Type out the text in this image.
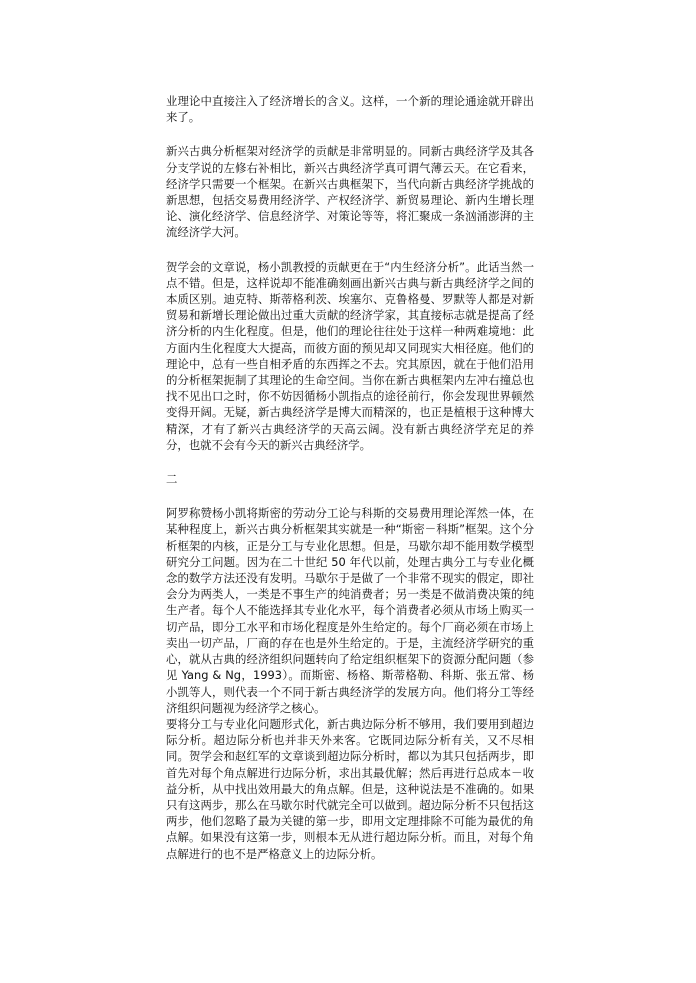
业理论中直接注入了经济增长的含义。这样，一个新的理论通途就开辟出来了。

新兴古典分析框架对经济学的贡献是非常明显的。同新古典经济学及其各分支学说的左修右补相比，新兴古典经济学真可谓气薄云天。在它看来，经济学只需要一个框架。在新兴古典框架下，当代向新古典经济学挑战的新思想，包括交易费用经济学、产权经济学、新贸易理论、新内生增长理论、演化经济学、信息经济学、对策论等等，将汇聚成一条汹涌澎湃的主流经济学大河。

贺学会的文章说，杨小凯教授的贡献更在于“内生经济分析”。此话当然一点不错。但是，这样说却不能准确刻画出新兴古典与新古典经济学之间的本质区别。迪克特、斯蒂格利茨、埃塞尔、克鲁格曼、罗默等人都是对新贸易和新增长理论做出过重大贡献的经济学家，其直接标志就是提高了经济分析的内生化程度。但是，他们的理论往往处于这样一种两难境地：此方面内生化程度大大提高，而彼方面的预见却又同现实大相径庭。他们的理论中，总有一些自相矛盾的东西挥之不去。究其原因，就在于他们沿用的分析框架扼制了其理论的生命空间。当你在新古典框架内左冲右撞总也找不见出口之时，你不妨因循杨小凯指点的途径前行，你会发现世界顿然变得开阔。无疑，新古典经济学是博大而精深的，也正是植根于这种博大精深，才有了新兴古典经济学的天高云阔。没有新古典经济学充足的养分，也就不会有今天的新兴古典经济学。

二

阿罗称赞杨小凯将斯密的劳动分工论与科斯的交易费用理论浑然一体，在某种程度上，新兴古典分析框架其实就是一种“斯密－科斯”框架。这个分析框架的内核，正是分工与专业化思想。但是，马歇尔却不能用数学模型研究分工问题。因为在二十世纪 50 年代以前，处理古典分工与专业化概念的数学方法还没有发明。马歇尔于是做了一个非常不现实的假定，即社会分为两类人，一类是不事生产的纯消费者；另一类是不做消费决策的纯生产者。每个人不能选择其专业化水平，每个消费者必须从市场上购买一切产品，即分工水平和市场化程度是外生给定的。每个厂商必须在市场上卖出一切产品，厂商的存在也是外生给定的。于是，主流经济学研究的重心，就从古典的经济组织问题转向了给定组织框架下的资源分配问题（参见 Yang & Ng，1993）。而斯密、杨格、斯蒂格勒、科斯、张五常、杨小凯等人，则代表一个不同于新古典经济学的发展方向。他们将分工等经济组织问题视为经济学之核心。

要将分工与专业化问题形式化，新古典边际分析不够用，我们要用到超边际分析。超边际分析也并非天外来客。它既同边际分析有关，又不尽相同。贺学会和赵红军的文章谈到超边际分析时，都以为其只包括两步，即首先对每个角点解进行边际分析，求出其最优解；然后再进行总成本－收益分析，从中找出效用最大的角点解。但是，这种说法是不准确的。如果只有这两步，那么在马歇尔时代就完全可以做到。超边际分析不只包括这两步，他们忽略了最为关键的第一步，即用文定理排除不可能为最优的角点解。如果没有这第一步，则根本无从进行超边际分析。而且，对每个角点解进行的也不是严格意义上的边际分析。
